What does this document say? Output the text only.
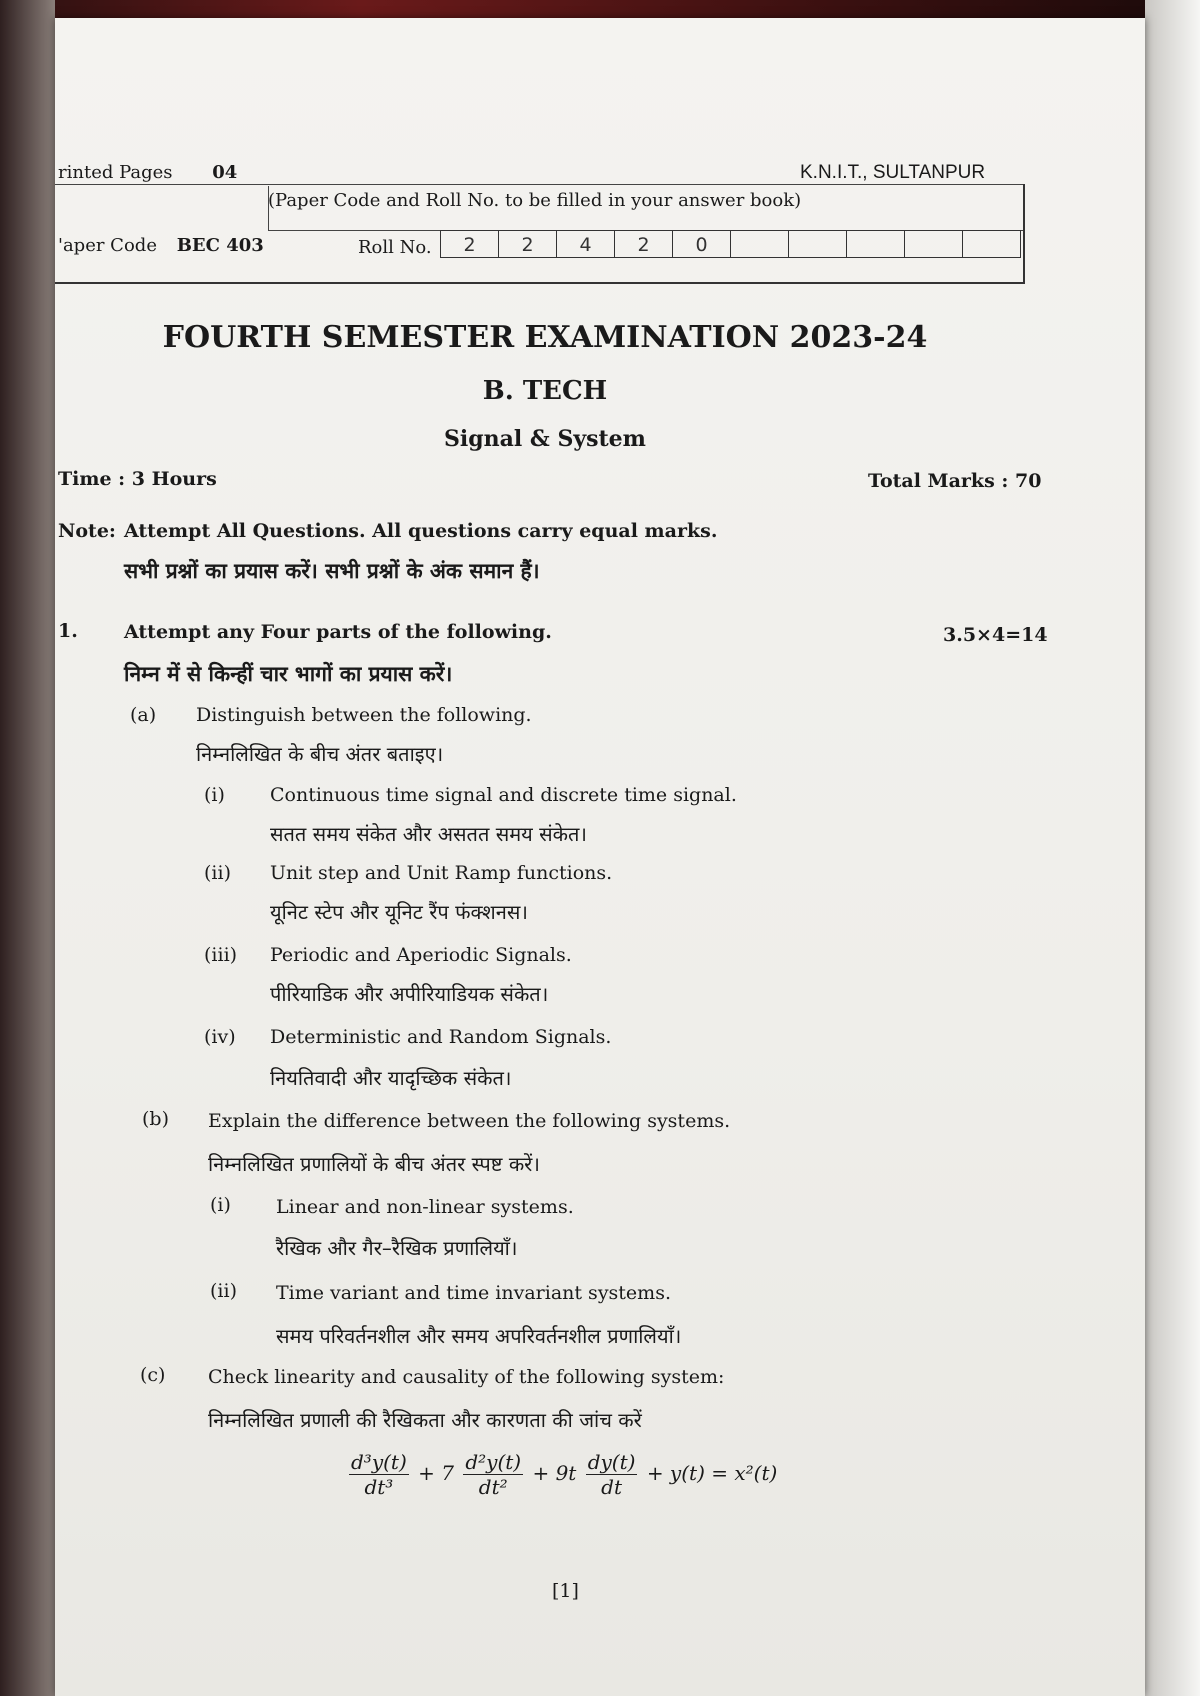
rinted Pages 04	K.N.I.T., SULTANPUR
(Paper Code and Roll No. to be filled in your answer book)
'aper Code BEC 403	Roll No.	2	2	4	2	0
FOURTH SEMESTER EXAMINATION 2023-24
B. TECH
Signal & System
Time : 3 Hours	Total Marks : 70
Note: Attempt All Questions. All questions carry equal marks.
सभी प्रश्नों का प्रयास करें। सभी प्रश्नों के अंक समान हैं।
1. Attempt any Four parts of the following.	3.5×4=14
निम्न में से किन्हीं चार भागों का प्रयास करें।
(a) Distinguish between the following.
निम्नलिखित के बीच अंतर बताइए।
(i) Continuous time signal and discrete time signal.
सतत समय संकेत और असतत समय संकेत।
(ii) Unit step and Unit Ramp functions.
यूनिट स्टेप और यूनिट रैंप फंक्शनस।
(iii) Periodic and Aperiodic Signals.
पीरियाडिक और अपीरियाडियक संकेत।
(iv) Deterministic and Random Signals.
नियतिवादी और यादृच्छिक संकेत।
(b) Explain the difference between the following systems.
निम्नलिखित प्रणालियों के बीच अंतर स्पष्ट करें।
(i) Linear and non-linear systems.
रैखिक और गैर–रैखिक प्रणालियाँ।
(ii) Time variant and time invariant systems.
समय परिवर्तनशील और समय अपरिवर्तनशील प्रणालियाँ।
(c) Check linearity and causality of the following system:
निम्नलिखित प्रणाली की रैखिकता और कारणता की जांच करें
$\frac{\text{d³y(t)}}{\text{dt³}} + 7 \frac{\text{d²y(t)}}{\text{dt²}} + 9t \frac{dy(t)}{dt} + y(t) = x^2(t)$
[1]
